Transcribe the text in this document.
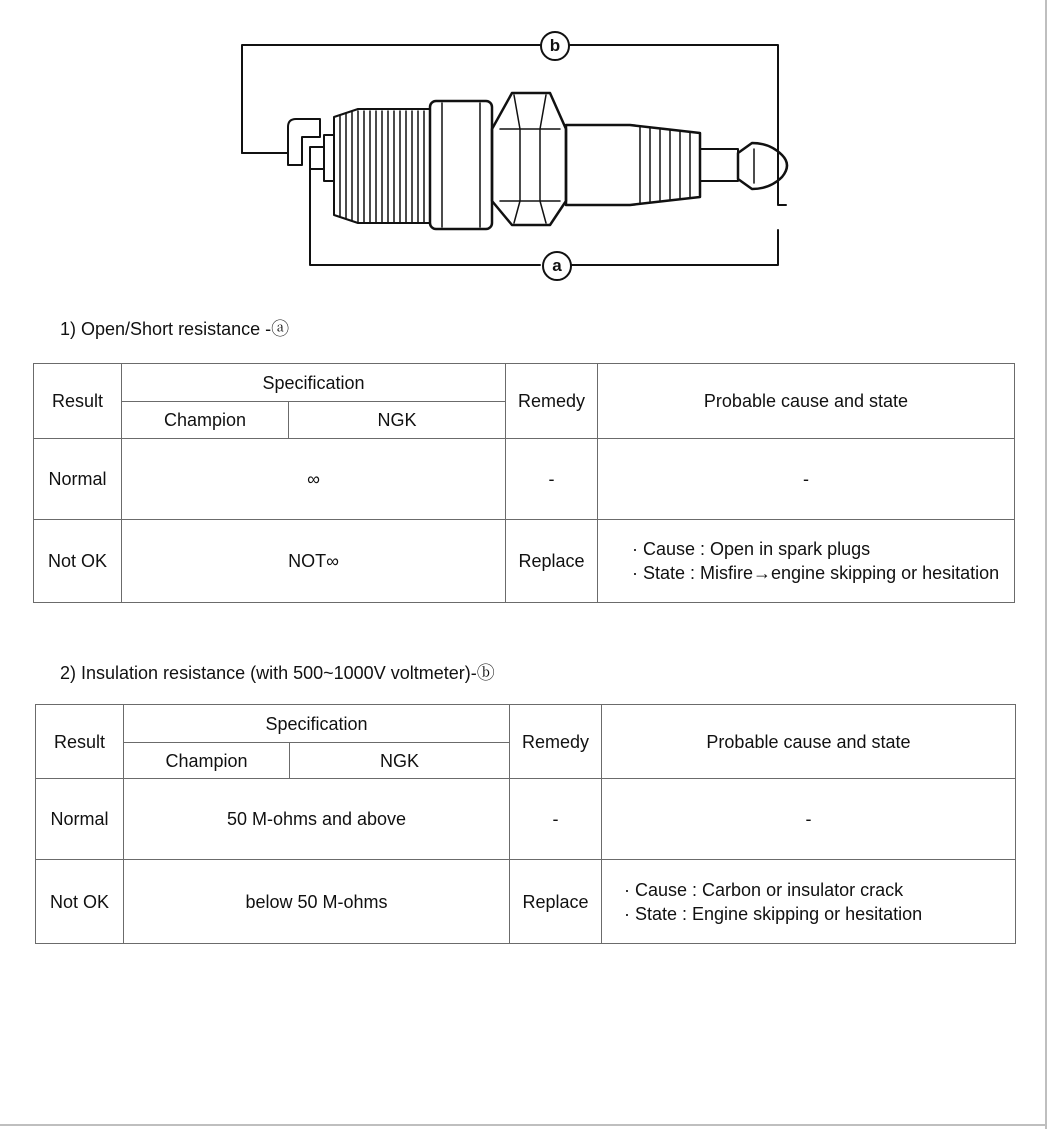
b
a
1) Open/Short resistance -ⓐ
Result	Specification		Remedy	Probable cause and state
	Champion	NGK		
Normal	∞		-	-
Not OK	NOT∞		Replace	· Cause : Open in spark plugs
· State : Misfire→engine skipping or hesitation
2) Insulation resistance (with 500~1000V voltmeter)-ⓑ
Result	Specification		Remedy	Probable cause and state
	Champion	NGK		
Normal	50 M-ohms and above		-	-
Not OK	below 50 M-ohms		Replace	· Cause : Carbon or insulator crack
· State : Engine skipping or hesitation
